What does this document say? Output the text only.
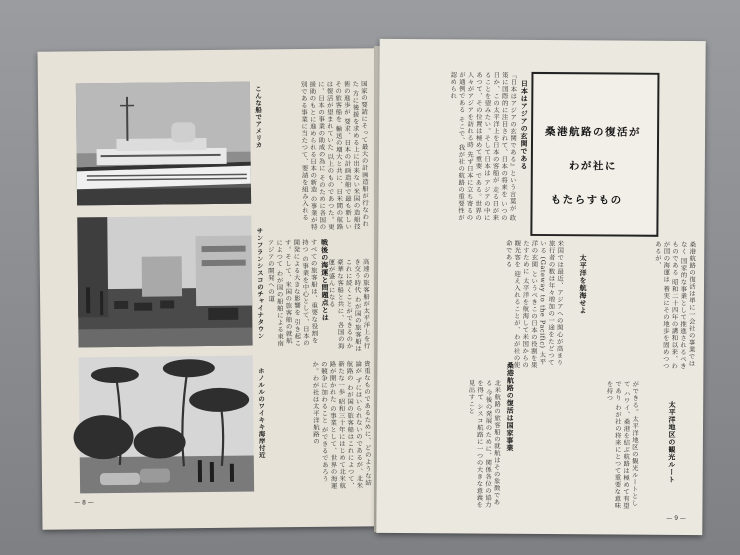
こんな船でアメリカ
サンフランシスコのチャイナタウン
ホノルルのワイキキ海岸付近
国家の要請にそって最大の計画造船が行なわれた 方に後援を求める上に出来ない米国の造船技術の進歩が 要求、日本の計画造船で最も新しいその旅客船を 輸送の増大と共に、日米間の航路は復活が望まれていた 以上のものであつた。更に、日本の事業の助成の為に そのために各国の援助のもとに進められる日本の新造 の事業が特別である事業に当たつて、要請を組み入れる
戦後の海運と問題点とは
すべての旅客船は、重要な役割を持つ の事業を中心として、日本の開発による大きな影響を 引き起こす。そして、米国の旅客船の就航によつて わが国の船舶による東南アジアの開発への道	高速の旅客船が太平洋上を行き交う時代 わが国の旅客船はこれに続くことができるのか 豪華な客船と共に、各国の海運が盛んになる
貴重なものであるために、どのような結論が ずにはいられないのであるが、北米航路の わが国の旅客船はこれによつて、新たな一歩 昭和三十年にはじめて北米航路が開かれた の事業として、世界の海運の競争に加わること ができるであろうか。わが社は太平洋航路の
— 8 —
『日本はアジアの玄関である』という言葉が 政策に国際的に注目されて、日本の将来を いつの日か、この太平洋上を日本の客船が 走る日が来ることを望みたい。そして日本は アジアの中にあつて、その位置は極めて重要 である。世界の人々がアジアを訪れる時 先ず日本に立ち寄るのが通例である そこで、我が社の航路の重要性が認められ	日本はアジアの玄関である 桑港航路の復活が
わが社に
もたらすもの
米国では最近、アジアへの関心が高まり 旅行者の数は年々増加の一途をたどつている (Gateway to the Pacific) 太平洋の玄関 というべきこの日本の役割を果たすために 太平洋を航海して米国からの観光客を 迎え入れることが、わが社の使命である
太平洋を航海せよ	桑港航路の復活は単に一会社の事業ではなく 国家的な事業として推進されるべきものである 昭和二十四年の講和以来、わが国の海運は 着実にその地歩を固めつつあるが、
桑港航路の復活は国家事業
北米航路の旅客船の就航はその象徴である 今後の発展のために、関係各位の協力を得て シスコ航路に一つの大きな意義を見出すこと	ができる。太平洋地区の観光ルートとして ハワイ、桑港を結ぶ航路は極めて有望であり わが社の将来にとつて重要な意味を持つ
太平洋地区の観光ルート
— 9 —
